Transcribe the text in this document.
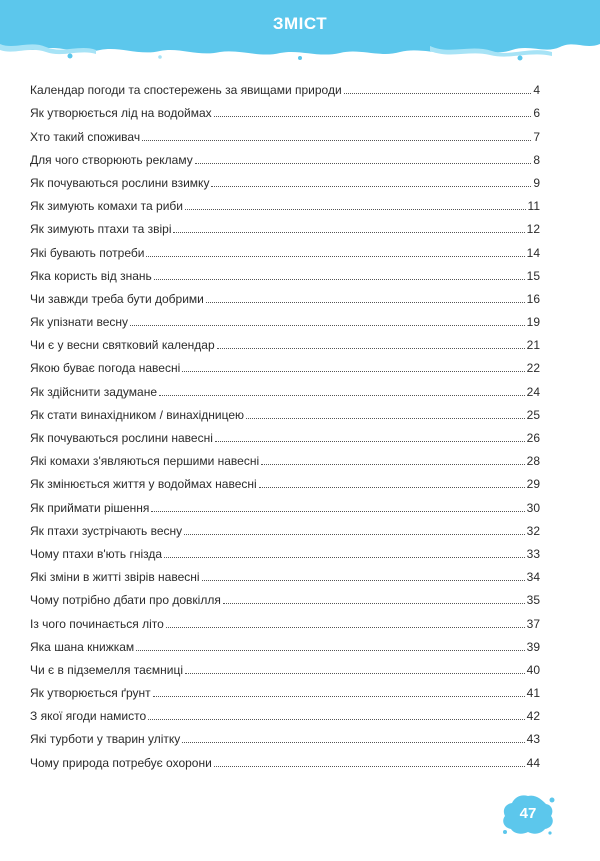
ЗМІСТ
Календар погоди та спостережень за явищами природи	4
Як утворюється лід на водоймах	6
Хто такий споживач	7
Для чого створюють рекламу	8
Як почуваються рослини взимку	9
Як зимують комахи та риби	11
Як зимують птахи та звірі	12
Які бувають потреби	14
Яка користь від знань	15
Чи завжди треба бути добрими	16
Як упізнати весну	19
Чи є у весни святковий календар	21
Якою буває погода навесні	22
Як здійснити задумане	24
Як стати винахідником / винахідницею	25
Як почуваються рослини навесні	26
Які комахи з'являються першими навесні	28
Як змінюється життя у водоймах навесні	29
Як приймати рішення	30
Як птахи зустрічають весну	32
Чому птахи в'ють гнізда	33
Які зміни в житті звірів навесні	34
Чому потрібно дбати про довкілля	35
Із чого починається літо	37
Яка шана книжкам	39
Чи є в підземелля таємниці	40
Як утворюється ґрунт	41
З якої ягоди намисто	42
Які турботи у тварин улітку	43
Чому природа потребує охорони	44
47
